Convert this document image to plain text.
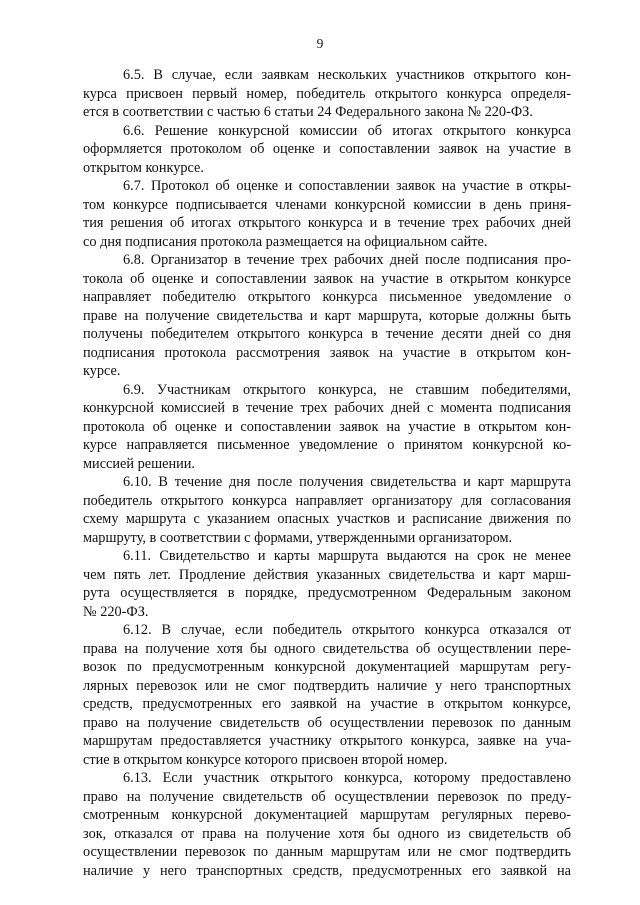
9

6.5. В случае, если заявкам нескольких участников открытого кон-
курса присвоен первый номер, победитель открытого конкурса определя-
ется в соответствии с частью 6 статьи 24 Федерального закона № 220-ФЗ.

6.6. Решение конкурсной комиссии об итогах открытого конкурса
оформляется протоколом об оценке и сопоставлении заявок на участие в
открытом конкурсе.

6.7. Протокол об оценке и сопоставлении заявок на участие в откры-
том конкурсе подписывается членами конкурсной комиссии в день приня-
тия решения об итогах открытого конкурса и в течение трех рабочих дней
со дня подписания протокола размещается на официальном сайте.

6.8. Организатор в течение трех рабочих дней после подписания про-
токола об оценке и сопоставлении заявок на участие в открытом конкурсе
направляет победителю открытого конкурса письменное уведомление о
праве на получение свидетельства и карт маршрута, которые должны быть
получены победителем открытого конкурса в течение десяти дней со дня
подписания протокола рассмотрения заявок на участие в открытом кон-
курсе.

6.9. Участникам открытого конкурса, не ставшим победителями,
конкурсной комиссией в течение трех рабочих дней с момента подписания
протокола об оценке и сопоставлении заявок на участие в открытом кон-
курсе направляется письменное уведомление о принятом конкурсной ко-
миссией решении.

6.10. В течение дня после получения свидетельства и карт маршрута
победитель открытого конкурса направляет организатору для согласования
схему маршрута с указанием опасных участков и расписание движения по
маршруту, в соответствии с формами, утвержденными организатором.

6.11. Свидетельство и карты маршрута выдаются на срок не менее
чем пять лет. Продление действия указанных свидетельства и карт марш-
рута осуществляется в порядке, предусмотренном Федеральным законом
№ 220-ФЗ.

6.12. В случае, если победитель открытого конкурса отказался от
права на получение хотя бы одного свидетельства об осуществлении пере-
возок по предусмотренным конкурсной документацией маршрутам регу-
лярных перевозок или не смог подтвердить наличие у него транспортных
средств, предусмотренных его заявкой на участие в открытом конкурсе,
право на получение свидетельств об осуществлении перевозок по данным
маршрутам предоставляется участнику открытого конкурса, заявке на уча-
стие в открытом конкурсе которого присвоен второй номер.

6.13. Если участник открытого конкурса, которому предоставлено
право на получение свидетельств об осуществлении перевозок по преду-
смотренным конкурсной документацией маршрутам регулярных перево-
зок, отказался от права на получение хотя бы одного из свидетельств об
осуществлении перевозок по данным маршрутам или не смог подтвердить
наличие у него транспортных средств, предусмотренных его заявкой на
